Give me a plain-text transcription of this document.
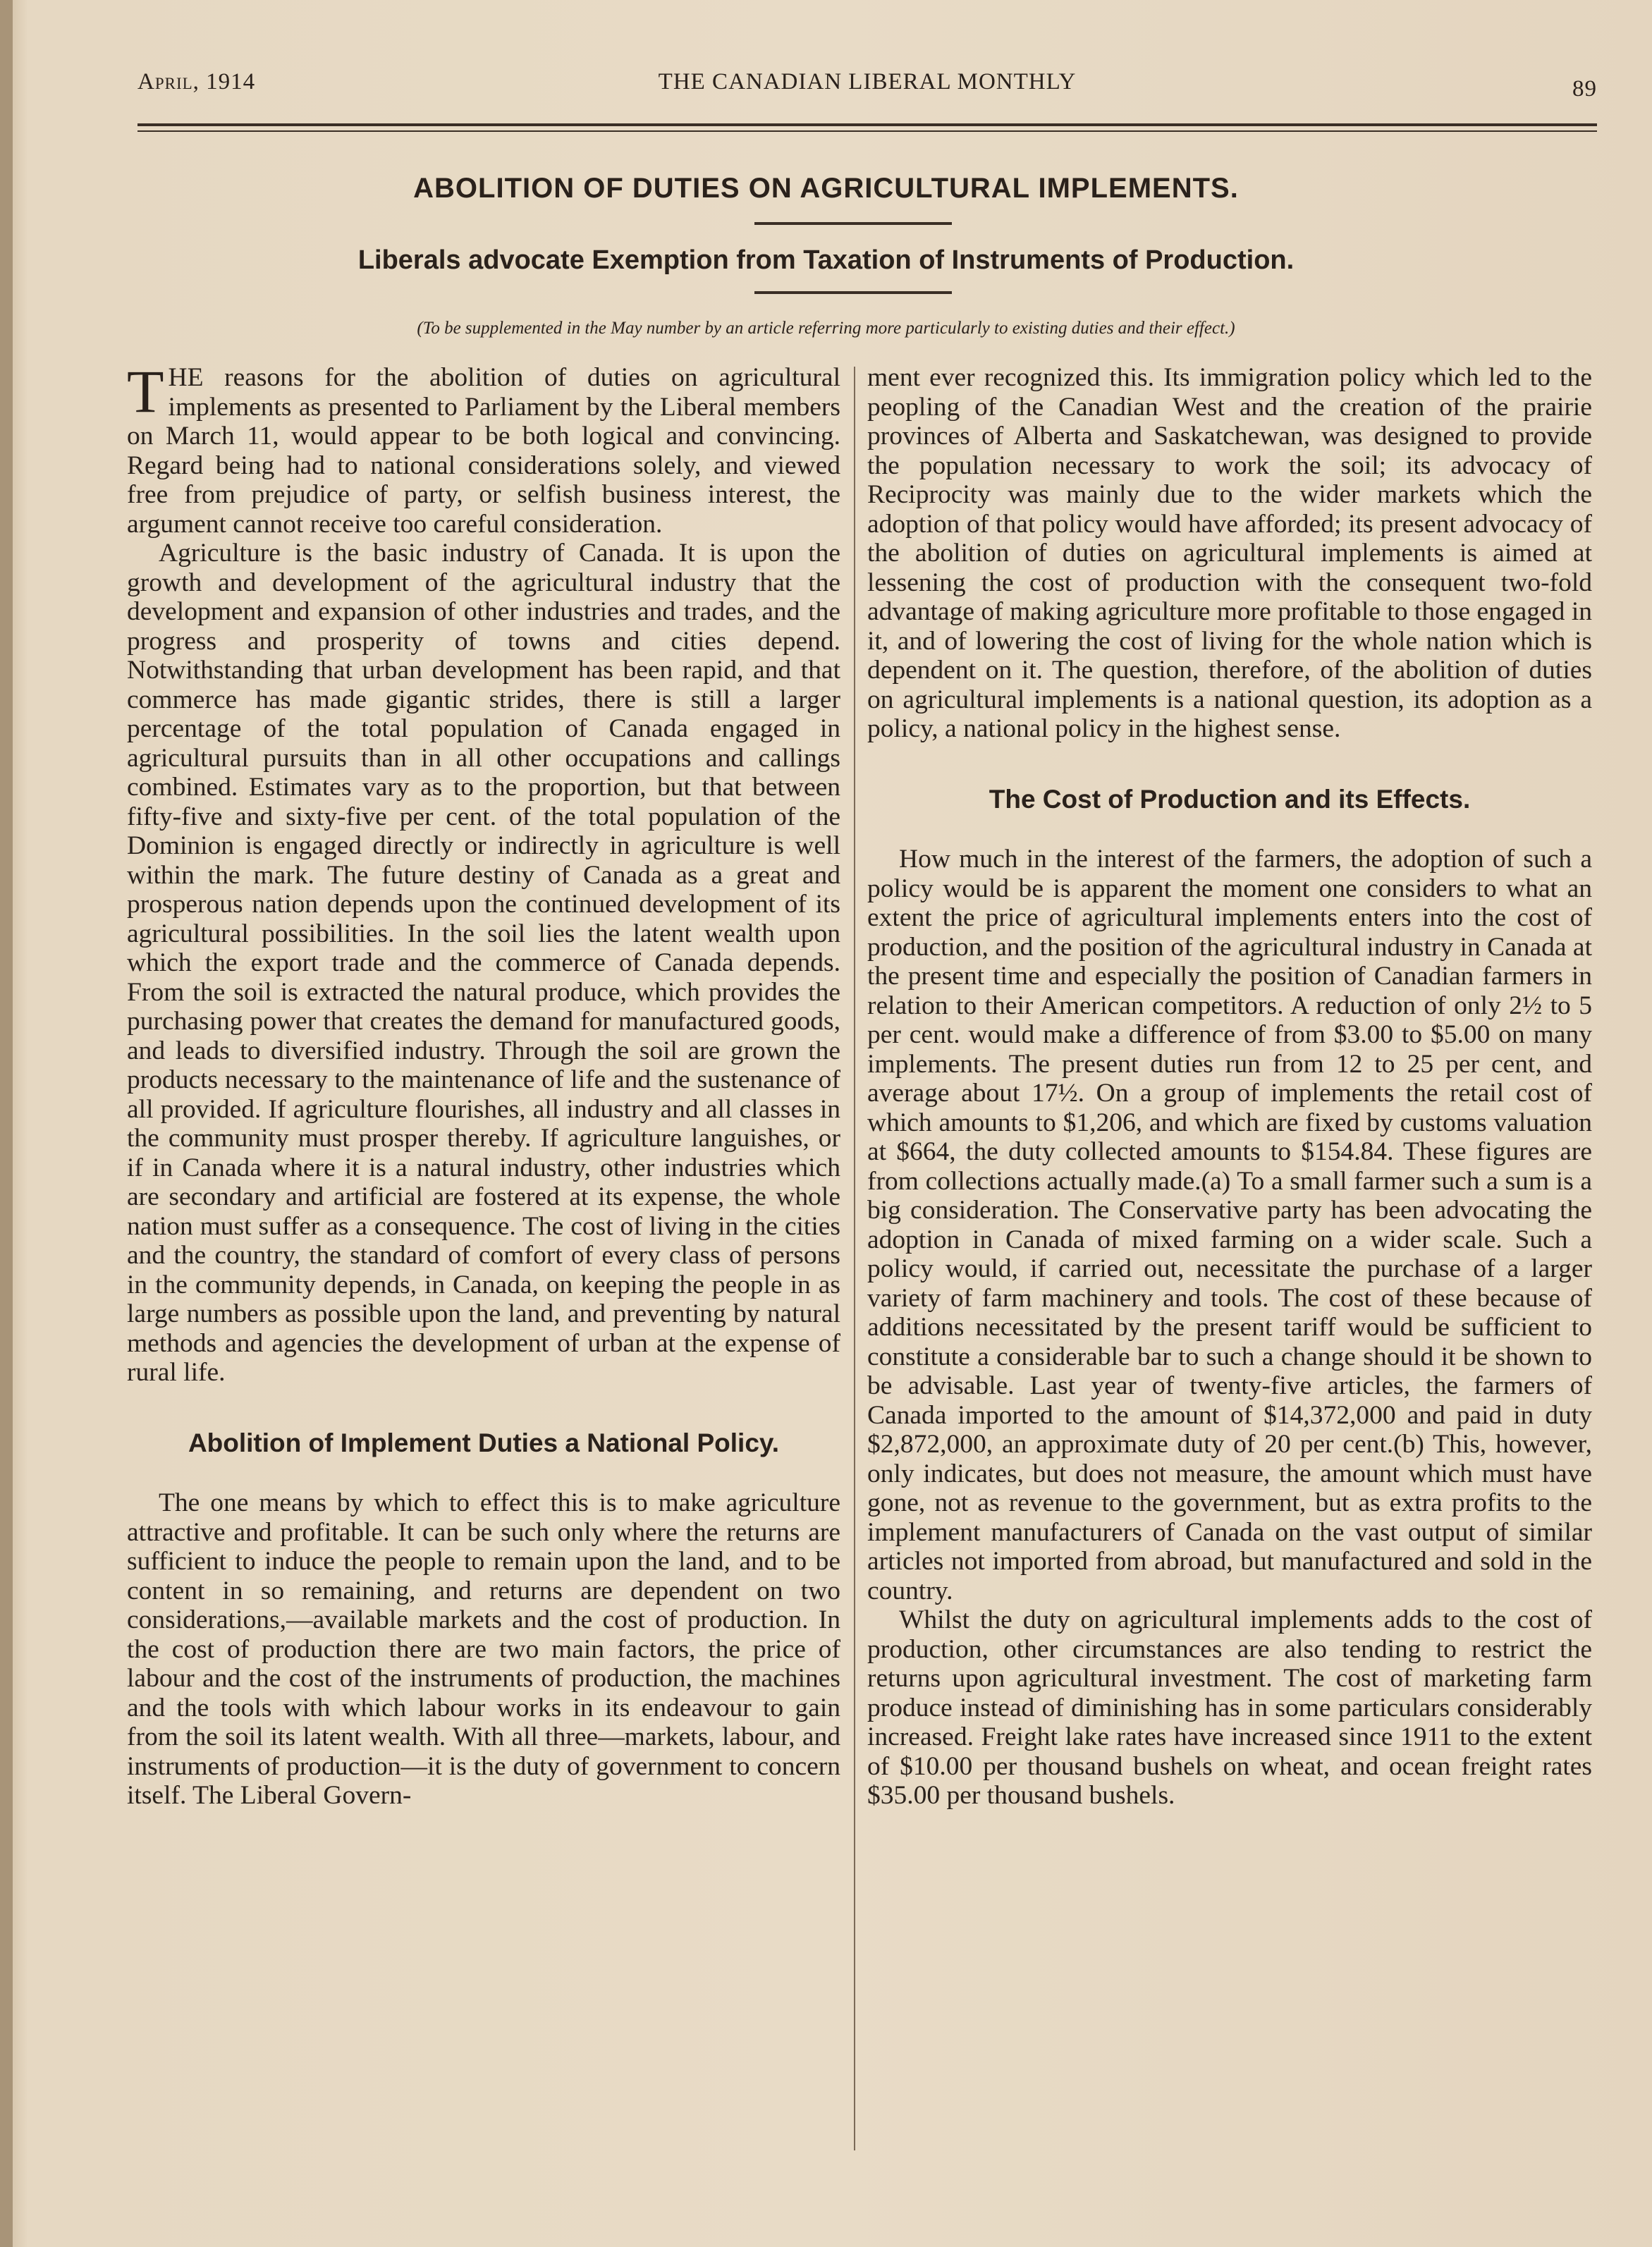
April, 1914	THE CANADIAN LIBERAL MONTHLY	89
ABOLITION OF DUTIES ON AGRICULTURAL IMPLEMENTS.
Liberals advocate Exemption from Taxation of Instruments of Production.
(To be supplemented in the May number by an article referring more particularly to existing duties and their effect.)

THE reasons for the abolition of duties on agricultural implements as presented to Parliament by the Liberal members on March 11, would appear to be both logical and convincing. Regard being had to national considerations solely, and viewed free from prejudice of party, or selfish business interest, the argument cannot receive too careful consideration.

Agriculture is the basic industry of Canada. It is upon the growth and development of the agricultural industry that the development and expansion of other industries and trades, and the progress and prosperity of towns and cities depend. Notwithstanding that urban development has been rapid, and that commerce has made gigantic strides, there is still a larger percentage of the total population of Canada engaged in agricultural pursuits than in all other occupations and callings combined. Estimates vary as to the proportion, but that between fifty-five and sixty-five per cent. of the total population of the Dominion is engaged directly or indirectly in agriculture is well within the mark. The future destiny of Canada as a great and prosperous nation depends upon the continued development of its agricultural possibilities. In the soil lies the latent wealth upon which the export trade and the commerce of Canada depends. From the soil is extracted the natural produce, which provides the purchasing power that creates the demand for manufactured goods, and leads to diversified industry. Through the soil are grown the products necessary to the maintenance of life and the sustenance of all provided. If agriculture flourishes, all industry and all classes in the community must prosper thereby. If agriculture languishes, or if in Canada where it is a natural industry, other industries which are secondary and artificial are fostered at its expense, the whole nation must suffer as a consequence. The cost of living in the cities and the country, the standard of comfort of every class of persons in the community depends, in Canada, on keeping the people in as large numbers as possible upon the land, and preventing by natural methods and agencies the development of urban at the expense of rural life.

Abolition of Implement Duties a National Policy.

The one means by which to effect this is to make agriculture attractive and profitable. It can be such only where the returns are sufficient to induce the people to remain upon the land, and to be content in so remaining, and returns are dependent on two considerations,—available markets and the cost of production. In the cost of production there are two main factors, the price of labour and the cost of the instruments of production, the machines and the tools with which labour works in its endeavour to gain from the soil its latent wealth. With all three—markets, labour, and instruments of production—it is the duty of government to concern itself. The Liberal Govern-

ment ever recognized this. Its immigration policy which led to the peopling of the Canadian West and the creation of the prairie provinces of Alberta and Saskatchewan, was designed to provide the population necessary to work the soil; its advocacy of Reciprocity was mainly due to the wider markets which the adoption of that policy would have afforded; its present advocacy of the abolition of duties on agricultural implements is aimed at lessening the cost of production with the consequent two-fold advantage of making agriculture more profitable to those engaged in it, and of lowering the cost of living for the whole nation which is dependent on it. The question, therefore, of the abolition of duties on agricultural implements is a national question, its adoption as a policy, a national policy in the highest sense.

The Cost of Production and its Effects.

How much in the interest of the farmers, the adoption of such a policy would be is apparent the moment one considers to what an extent the price of agricultural implements enters into the cost of production, and the position of the agricultural industry in Canada at the present time and especially the position of Canadian farmers in relation to their American competitors. A reduction of only 2½ to 5 per cent. would make a difference of from $3.00 to $5.00 on many implements. The present duties run from 12 to 25 per cent, and average about 17½. On a group of implements the retail cost of which amounts to $1,206, and which are fixed by customs valuation at $664, the duty collected amounts to $154.84. These figures are from collections actually made.(a) To a small farmer such a sum is a big consideration. The Conservative party has been advocating the adoption in Canada of mixed farming on a wider scale. Such a policy would, if carried out, necessitate the purchase of a larger variety of farm machinery and tools. The cost of these because of additions necessitated by the present tariff would be sufficient to constitute a considerable bar to such a change should it be shown to be advisable. Last year of twenty-five articles, the farmers of Canada imported to the amount of $14,372,000 and paid in duty $2,872,000, an approximate duty of 20 per cent.(b) This, however, only indicates, but does not measure, the amount which must have gone, not as revenue to the government, but as extra profits to the implement manufacturers of Canada on the vast output of similar articles not imported from abroad, but manufactured and sold in the country.

Whilst the duty on agricultural implements adds to the cost of production, other circumstances are also tending to restrict the returns upon agricultural investment. The cost of marketing farm produce instead of diminishing has in some particulars considerably increased. Freight lake rates have increased since 1911 to the extent of $10.00 per thousand bushels on wheat, and ocean freight rates $35.00 per thousand bushels.
